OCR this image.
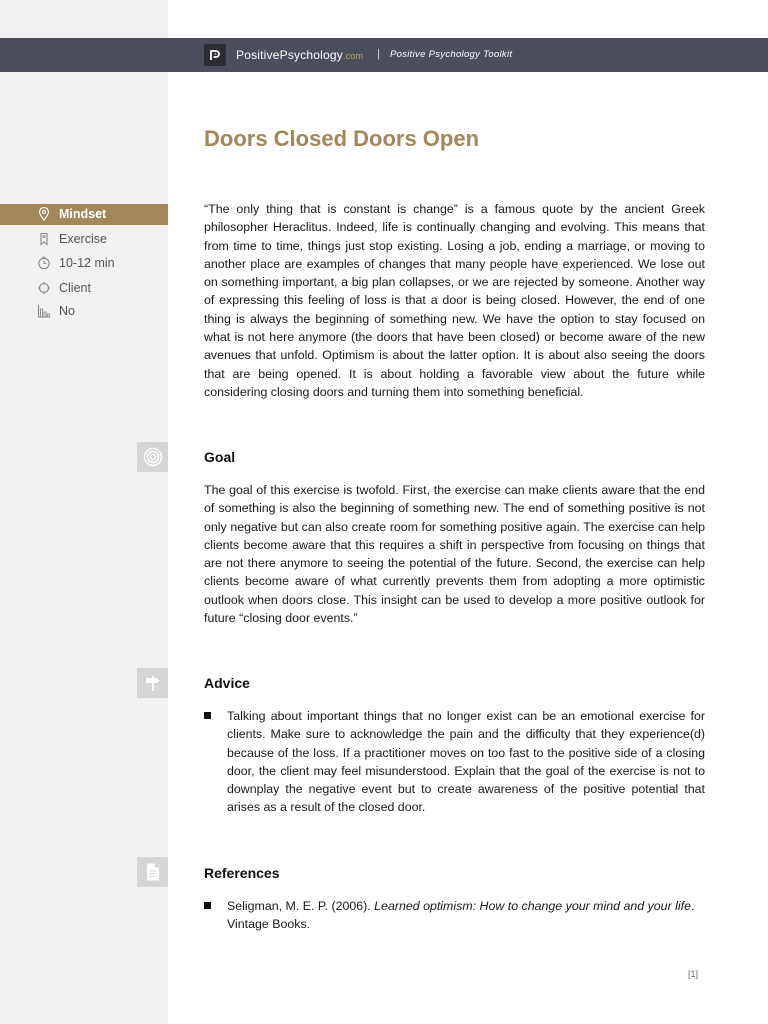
PositivePsychology.com | Positive Psychology Toolkit
Doors Closed Doors Open
Mindset
Exercise
10-12 min
Client
No

“The only thing that is constant is change” is a famous quote by the ancient Greek philosopher Heraclitus. Indeed, life is continually changing and evolving. This means that from time to time, things just stop existing. Losing a job, ending a marriage, or moving to another place are examples of changes that many people have experienced. We lose out on something important, a big plan collapses, or we are rejected by someone. Another way of expressing this feeling of loss is that a door is being closed. However, the end of one thing is always the beginning of something new. We have the option to stay focused on what is not here anymore (the doors that have been closed) or become aware of the new avenues that unfold. Optimism is about the latter option. It is about also seeing the doors that are being opened. It is about holding a favorable view about the future while considering closing doors and turning them into something beneficial.

Goal

The goal of this exercise is twofold. First, the exercise can make clients aware that the end of something is also the beginning of something new. The end of something positive is not only negative but can also create room for something positive again. The exercise can help clients become aware that this requires a shift in perspective from focusing on things that are not there anymore to seeing the potential of the future. Second, the exercise can help clients become aware of what currently prevents them from adopting a more optimistic outlook when doors close. This insight can be used to develop a more positive outlook for future “closing door events.”

Advice
Talking about important things that no longer exist can be an emotional exercise for clients. Make sure to acknowledge the pain and the difficulty that they experience(d) because of the loss. If a practitioner moves on too fast to the positive side of a closing door, the client may feel misunderstood. Explain that the goal of the exercise is not to downplay the negative event but to create awareness of the positive potential that arises as a result of the closed door.
References
Seligman, M. E. P. (2006). Learned optimism: How to change your mind and your life. Vintage Books.
[1]
